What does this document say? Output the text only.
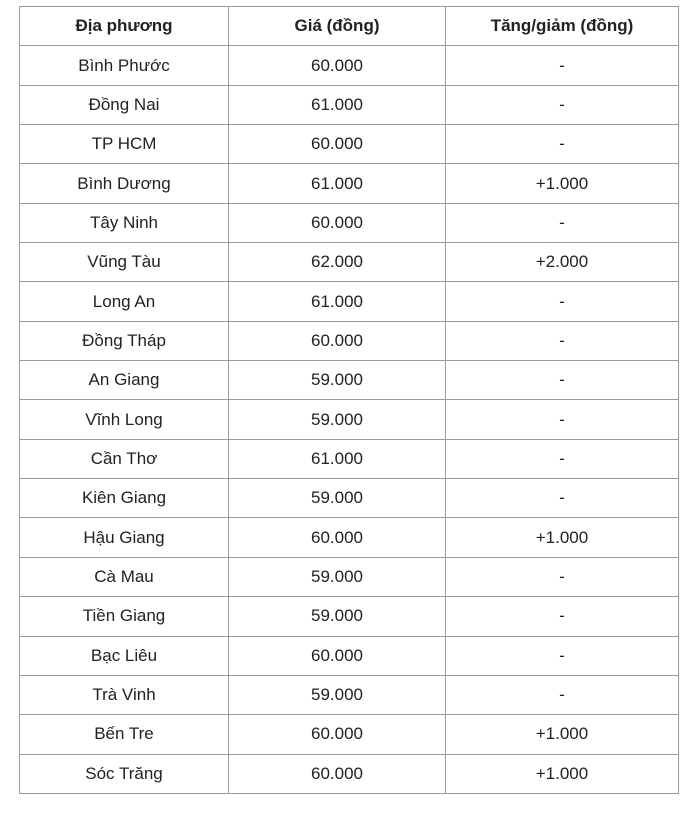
Địa phương	Giá (đồng)	Tăng/giảm (đồng)
Bình Phước	60.000	-
Đồng Nai	61.000	-
TP HCM	60.000	-
Bình Dương	61.000	+1.000
Tây Ninh	60.000	-
Vũng Tàu	62.000	+2.000
Long An	61.000	-
Đồng Tháp	60.000	-
An Giang	59.000	-
Vĩnh Long	59.000	-
Cần Thơ	61.000	-
Kiên Giang	59.000	-
Hậu Giang	60.000	+1.000
Cà Mau	59.000	-
Tiền Giang	59.000	-
Bạc Liêu	60.000	-
Trà Vinh	59.000	-
Bến Tre	60.000	+1.000
Sóc Trăng	60.000	+1.000
